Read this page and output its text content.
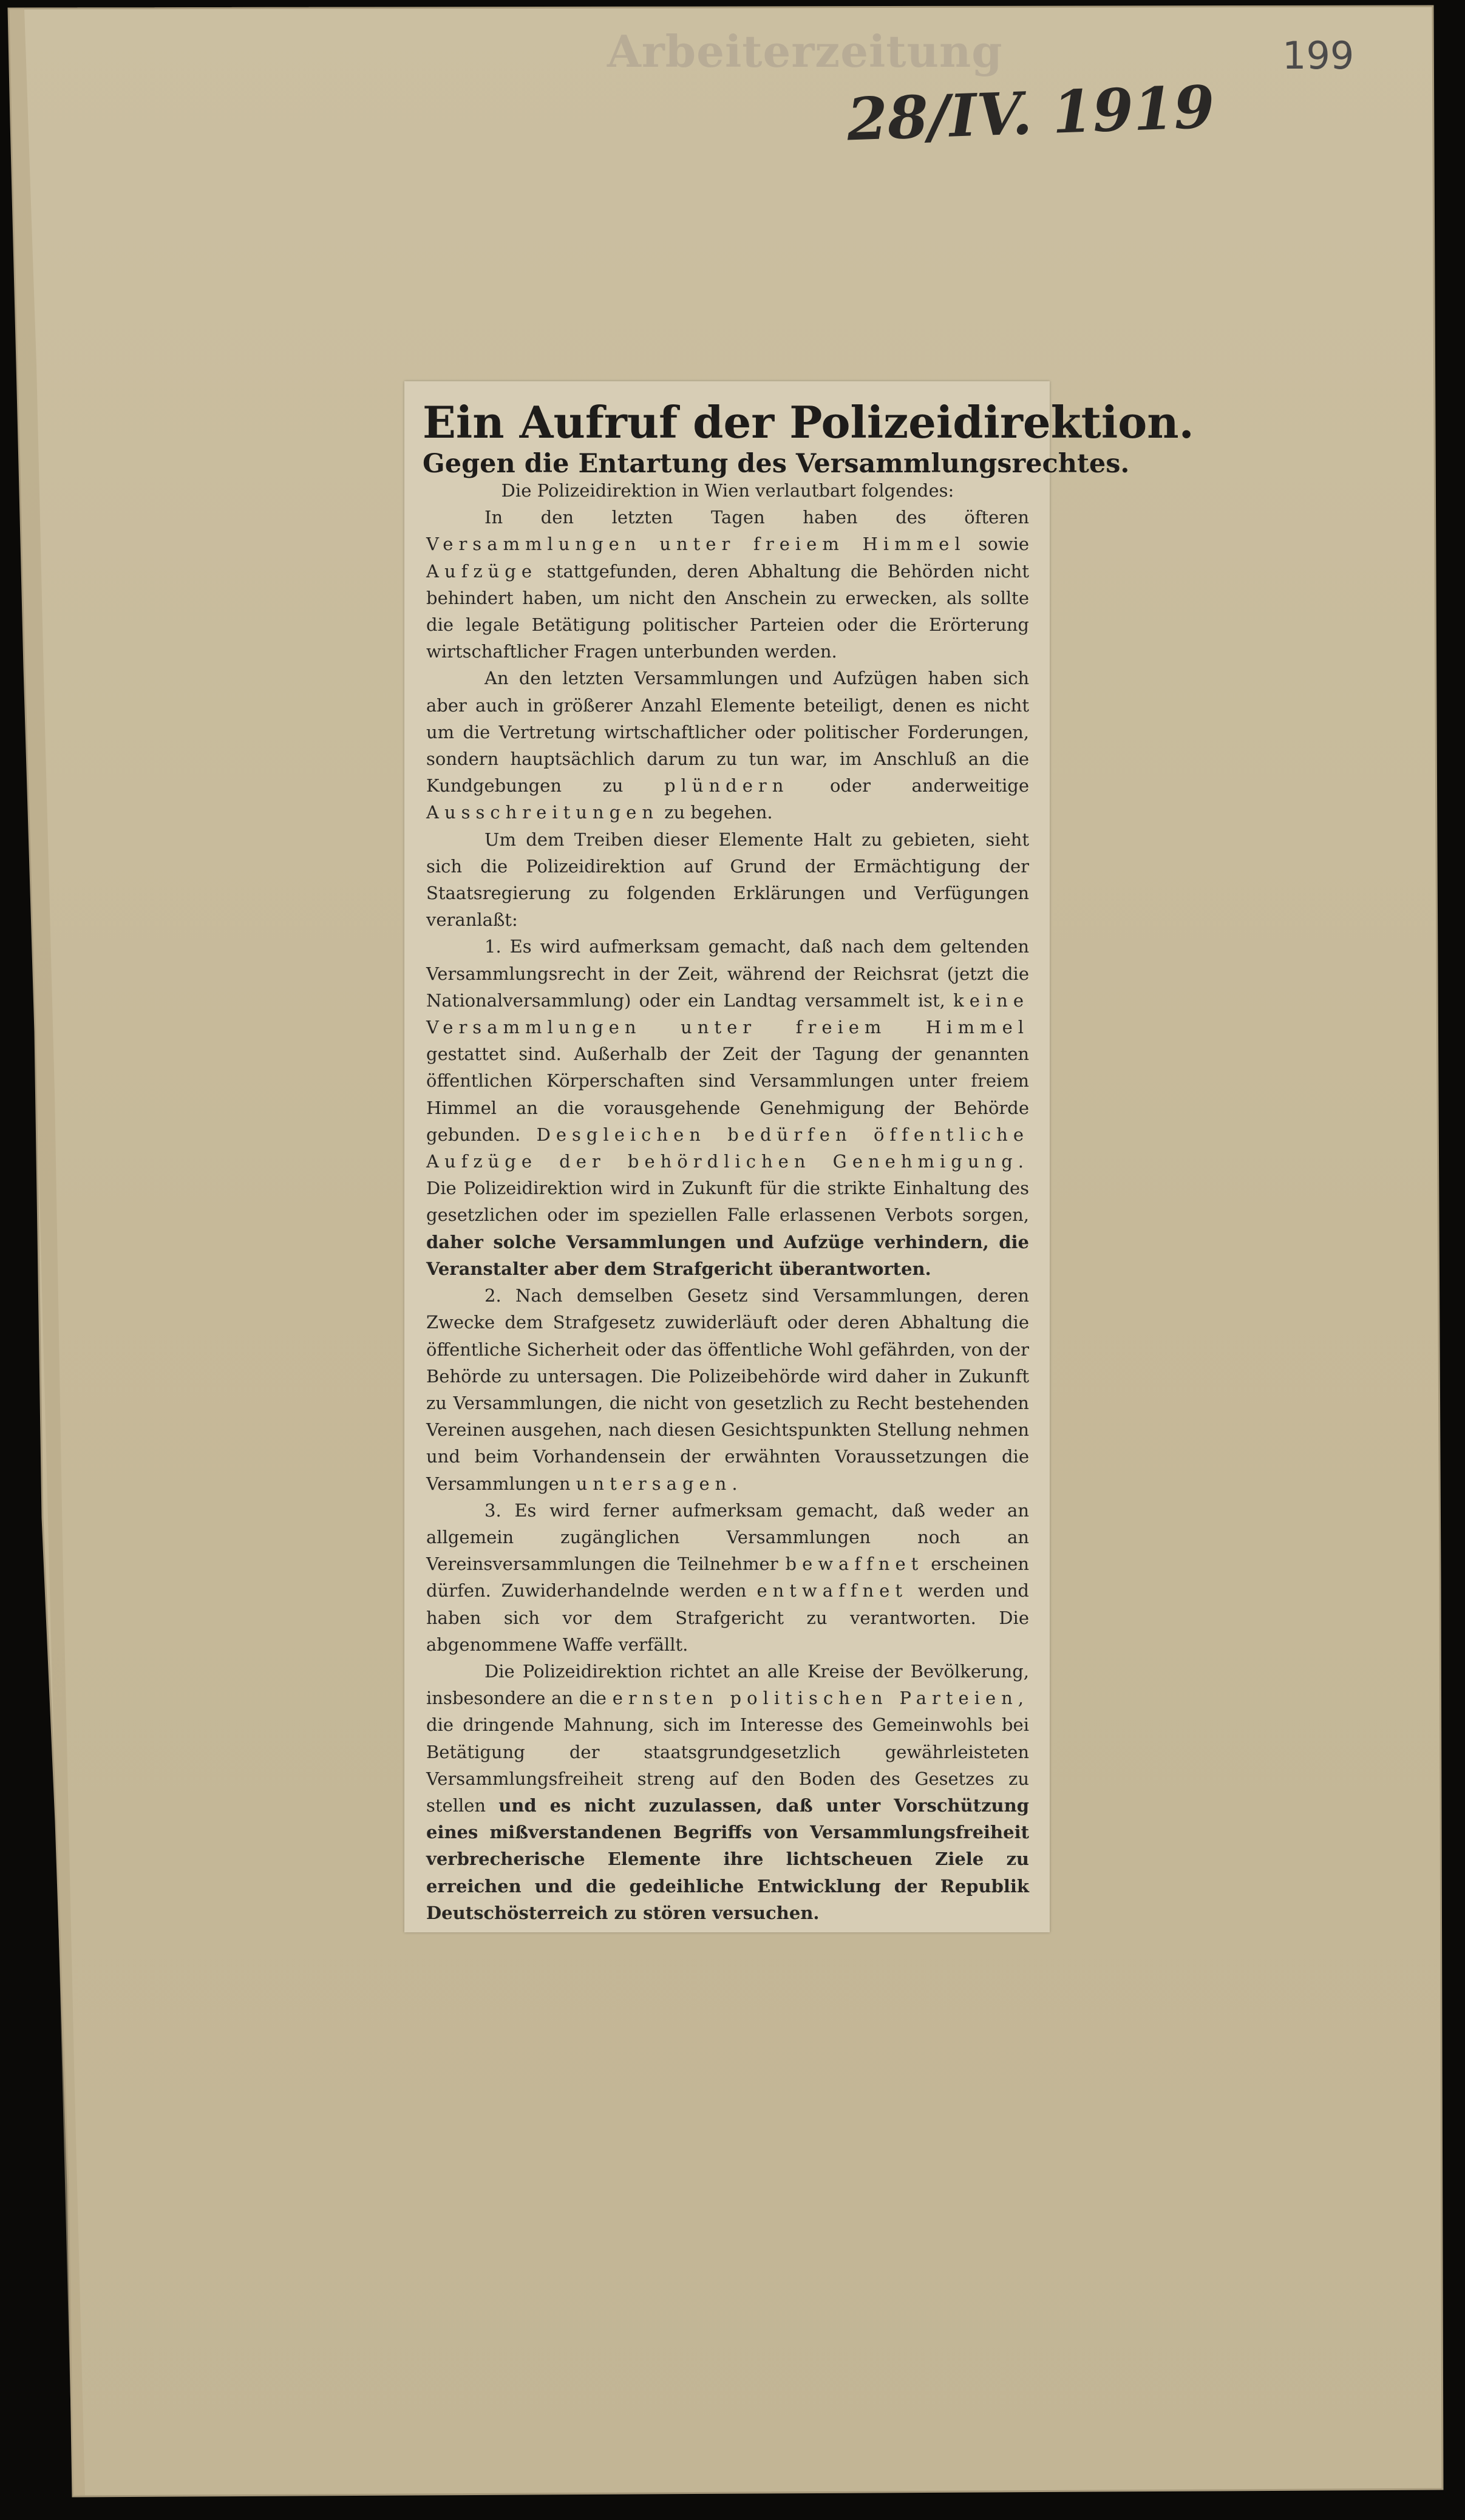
Arbeiterzeitung
28/IV. 1919
199
Ein Aufruf der Polizeidirektion.
Gegen die Entartung des Versammlungsrechtes.

Die Polizeidirektion in Wien verlautbart folgendes:

In den letzten Tagen haben des öfteren Versammlungen unter freiem Himmel sowie Aufzüge stattgefunden, deren Abhaltung die Behörden nicht behindert haben, um nicht den Anschein zu erwecken, als sollte die legale Betätigung politischer Parteien oder die Erörterung wirtschaftlicher Fragen unterbunden werden.

An den letzten Versammlungen und Aufzügen haben sich aber auch in größerer Anzahl Elemente beteiligt, denen es nicht um die Vertretung wirtschaftlicher oder politischer Forderungen, sondern hauptsächlich darum zu tun war, im Anschluß an die Kundgebungen zu plündern oder anderweitige Ausschreitungen zu begehen.

Um dem Treiben dieser Elemente Halt zu gebieten, sieht sich die Polizeidirektion auf Grund der Ermächtigung der Staatsregierung zu folgenden Erklärungen und Verfügungen veranlaßt:

1. Es wird aufmerksam gemacht, daß nach dem geltenden Versammlungsrecht in der Zeit, während der Reichsrat (jetzt die Nationalversammlung) oder ein Landtag versammelt ist, keine Versammlungen unter freiem Himmel gestattet sind. Außerhalb der Zeit der Tagung der genannten öffentlichen Körperschaften sind Versammlungen unter freiem Himmel an die vorausgehende Genehmigung der Behörde gebunden. Desgleichen bedürfen öffentliche Aufzüge der behördlichen Genehmigung. Die Polizeidirektion wird in Zukunft für die strikte Einhaltung des gesetzlichen oder im speziellen Falle erlassenen Verbots sorgen, daher solche Versammlungen und Aufzüge verhindern, die Veranstalter aber dem Strafgericht überantworten.

2. Nach demselben Gesetz sind Versammlungen, deren Zwecke dem Strafgesetz zuwiderläuft oder deren Abhaltung die öffentliche Sicherheit oder das öffentliche Wohl gefährden, von der Behörde zu untersagen. Die Polizeibehörde wird daher in Zukunft zu Versammlungen, die nicht von gesetzlich zu Recht bestehenden Vereinen ausgehen, nach diesen Gesichtspunkten Stellung nehmen und beim Vorhandensein der erwähnten Voraussetzungen die Versammlungen untersagen.

3. Es wird ferner aufmerksam gemacht, daß weder an allgemein zugänglichen Versammlungen noch an Vereinsversammlungen die Teilnehmer bewaffnet erscheinen dürfen. Zuwiderhandelnde werden entwaffnet werden und haben sich vor dem Strafgericht zu verantworten. Die abgenommene Waffe verfällt.

Die Polizeidirektion richtet an alle Kreise der Bevölkerung, insbesondere an die ernsten politischen Parteien, die dringende Mahnung, sich im Interesse des Gemeinwohls bei Betätigung der staatsgrundgesetzlich gewährleisteten Versammlungsfreiheit streng auf den Boden des Gesetzes zu stellen und es nicht zuzulassen, daß unter Vorschützung eines mißverstandenen Begriffs von Versammlungsfreiheit verbrecherische Elemente ihre lichtscheuen Ziele zu erreichen und die gedeihliche Entwicklung der Republik Deutschösterreich zu stören versuchen.
